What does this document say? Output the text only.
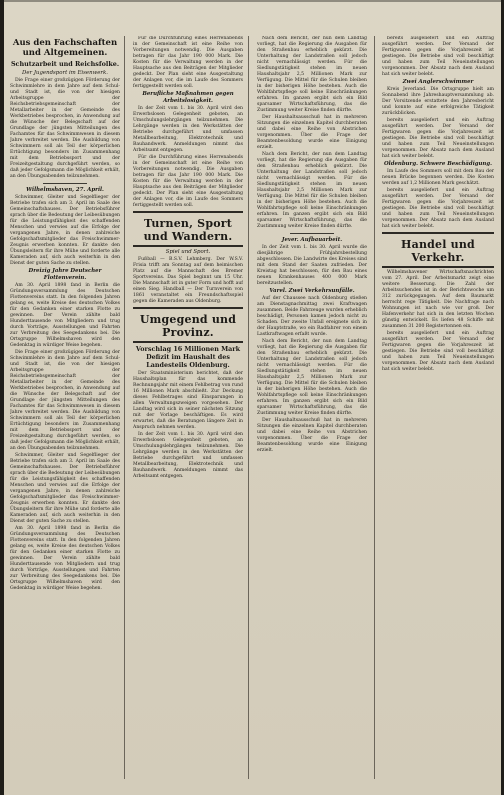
Aus den Fachschaften und Altgemeinen.
Schutzarbeit und Reichsfolke.
Der Jugendsport im Eisenwerk.

Die Frage einer großzügigen Förderung der Schwimmlehre in dem Jahre auf dem Schul- und Stadt ist, die von der hiesigen Arbeitsgruppe der Reichsbetriebsgemeinschaft der Metallarbeiter in der Gemeinde des Werkbetriebes besprochen, in Anwendung auf die Wünsche der Belegschaft auf der Grundlage der jüngsten Mitteilungen des Fachamtes für das Schwimmwesen in diesem Jahre verbreitet werden. Die Ausbildung von Schwimmern soll als Teil der körperlichen Ertüchtigung besonders im Zusammenhang mit dem Betriebssport und der Freizeitgestaltung durchgeführt werden, so daß jeder Gefolgsmann die Möglichkeit erhält, an den Übungsabenden teilzunehmen.

Wilhelmshaven, 27. April.

Schwimmer, Gleiter und Segelflieger der Betriebe trafen sich am 3. April im Saale des Gemeinschaftshauses. Der Betriebsführer sprach über die Bedeutung der Leibesübungen für die Leistungsfähigkeit des schaffenden Menschen und verwies auf die Erfolge der vergangenen Jahre, in denen zahlreiche Gefolgschaftsmitglieder das Freischwimmer-Zeugnis erwerben konnten. Er dankte den Übungsleitern für ihre Mühe und forderte alle Kameraden auf, sich auch weiterhin in den Dienst der guten Sache zu stellen.

Dreizig Jahre Deutscher Flottenverein.

Am 30. April 1898 fand in Berlin die Gründungsversammlung des Deutschen Flottenvereins statt. In den folgenden Jahren gelang es, weite Kreise des deutschen Volkes für den Gedanken einer starken Flotte zu gewinnen. Der Verein zählte bald Hunderttausende von Mitgliedern und trug durch Vorträge, Ausstellungen und Fahrten zur Verbreitung des Seegedankens bei. Die Ortsgruppe Wilhelmshaven wird den Gedenktag in würdiger Weise begehen.

Die Frage einer großzügigen Förderung der Schwimmlehre in dem Jahre auf dem Schul- und Stadt ist, die von der hiesigen Arbeitsgruppe der Reichsbetriebsgemeinschaft der Metallarbeiter in der Gemeinde des Werkbetriebes besprochen, in Anwendung auf die Wünsche der Belegschaft auf der Grundlage der jüngsten Mitteilungen des Fachamtes für das Schwimmwesen in diesem Jahre verbreitet werden. Die Ausbildung von Schwimmern soll als Teil der körperlichen Ertüchtigung besonders im Zusammenhang mit dem Betriebssport und der Freizeitgestaltung durchgeführt werden, so daß jeder Gefolgsmann die Möglichkeit erhält, an den Übungsabenden teilzunehmen.

Schwimmer, Gleiter und Segelflieger der Betriebe trafen sich am 3. April im Saale des Gemeinschaftshauses. Der Betriebsführer sprach über die Bedeutung der Leibesübungen für die Leistungsfähigkeit des schaffenden Menschen und verwies auf die Erfolge der vergangenen Jahre, in denen zahlreiche Gefolgschaftsmitglieder das Freischwimmer-Zeugnis erwerben konnten. Er dankte den Übungsleitern für ihre Mühe und forderte alle Kameraden auf, sich auch weiterhin in den Dienst der guten Sache zu stellen.

Am 30. April 1898 fand in Berlin die Gründungsversammlung des Deutschen Flottenvereins statt. In den folgenden Jahren gelang es, weite Kreise des deutschen Volkes für den Gedanken einer starken Flotte zu gewinnen. Der Verein zählte bald Hunderttausende von Mitgliedern und trug durch Vorträge, Ausstellungen und Fahrten zur Verbreitung des Seegedankens bei. Die Ortsgruppe Wilhelmshaven wird den Gedenktag in würdiger Weise begehen.

Für die Durchführung eines Herrenabends in der Gemeinschaft ist eine Reihe von Vorbereitungen notwendig. Die Ausgaben betragen für das Jahr 190 000 Mark. Die Kosten für die Verwaltung werden in der Hauptsache aus den Beiträgen der Mitglieder gedeckt. Der Plan sieht eine Ausgestaltung der Anlagen vor, die im Laufe des Sommers fertiggestellt werden soll.

Berufliche Maßnahmen gegen Arbeitslosigkeit.

In der Zeit vom 1. bis 30. April wird den Erwerbslosen Gelegenheit geboten, an Umschulungslehrgängen teilzunehmen. Die Lehrgänge werden in den Werkstätten der Betriebe durchgeführt und umfassen Metallbearbeitung, Elektrotechnik und Bauhandwerk. Anmeldungen nimmt das Arbeitsamt entgegen.

Für die Durchführung eines Herrenabends in der Gemeinschaft ist eine Reihe von Vorbereitungen notwendig. Die Ausgaben betragen für das Jahr 190 000 Mark. Die Kosten für die Verwaltung werden in der Hauptsache aus den Beiträgen der Mitglieder gedeckt. Der Plan sieht eine Ausgestaltung der Anlagen vor, die im Laufe des Sommers fertiggestellt werden soll.

Turnen, Sport und Wandern.
Spiel und Sport.

Fußball — B.S.V. Lehmberg. Der W.S.V. Frisia trifft am Sonntag auf dem heimischen Platz auf die Mannschaft des Bremer Sportvereins. Das Spiel beginnt um 15 Uhr. Die Mannschaft ist in guter Form und hofft auf einen Sieg. Handball — Der Turnverein von 1861 veranstaltet ein Freundschaftsspiel gegen die Kameraden aus Oldenburg.

Umgegend und Provinz.
Vorschlag 16 Millionen Mark Defizit im Haushalt des Landesteils Oldenburg.

Der Staatsministerium berichtet, daß der Haushaltsplan für das kommende Rechnungsjahr mit einem Fehlbetrag von rund 16 Millionen Mark abschließt. Zur Deckung dieses Fehlbetrages sind Einsparungen in allen Verwaltungszweigen vorgesehen. Der Landtag wird sich in seiner nächsten Sitzung mit der Vorlage beschäftigen. Es wird erwartet, daß die Beratungen längere Zeit in Anspruch nehmen werden.

In der Zeit vom 1. bis 30. April wird den Erwerbslosen Gelegenheit geboten, an Umschulungslehrgängen teilzunehmen. Die Lehrgänge werden in den Werkstätten der Betriebe durchgeführt und umfassen Metallbearbeitung, Elektrotechnik und Bauhandwerk. Anmeldungen nimmt das Arbeitsamt entgegen.

Nach dem Bericht, der nun dem Landtag vorliegt, hat die Regierung die Ausgaben für den Straßenbau erheblich gekürzt. Die Unterhaltung der Landstraßen soll jedoch nicht vernachlässigt werden. Für die Siedlungstätigkeit stehen im neuen Haushaltsjahr 2,5 Millionen Mark zur Verfügung. Die Mittel für die Schulen bleiben in der bisherigen Höhe bestehen. Auch die Wohlfahrtspflege soll keine Einschränkungen erfahren. Im ganzen ergibt sich ein Bild sparsamer Wirtschaftsführung, das die Zustimmung weiter Kreise finden dürfte.

Der Haushaltsausschuß hat in mehreren Sitzungen die einzelnen Kapitel durchberaten und dabei eine Reihe von Abstrichen vorgenommen. Über die Frage der Beamtenbesoldung wurde eine Einigung erzielt.

Nach dem Bericht, der nun dem Landtag vorliegt, hat die Regierung die Ausgaben für den Straßenbau erheblich gekürzt. Die Unterhaltung der Landstraßen soll jedoch nicht vernachlässigt werden. Für die Siedlungstätigkeit stehen im neuen Haushaltsjahr 2,5 Millionen Mark zur Verfügung. Die Mittel für die Schulen bleiben in der bisherigen Höhe bestehen. Auch die Wohlfahrtspflege soll keine Einschränkungen erfahren. Im ganzen ergibt sich ein Bild sparsamer Wirtschaftsführung, das die Zustimmung weiter Kreise finden dürfte.

Jever. Aufbauarbeit.

In der Zeit vom 1. bis 30. April wurde die diesjährige Frühjahrsbestellung abgeschlossen. Die Landwirte des Kreises sind mit dem Stand der Saaten zufrieden. Der Kreistag hat beschlossen, für den Bau eines neuen Krankenhauses 400 000 Mark bereitzustellen.

Varel. Zwei Verkehrsunfälle.

Auf der Chaussee nach Oldenburg stießen am Dienstagnachmittag zwei Kraftwagen zusammen. Beide Fahrzeuge wurden erheblich beschädigt, Personen kamen jedoch nicht zu Schaden. Der zweite Unfall ereignete sich in der Hauptstraße, wo ein Radfahrer von einem Lastkraftwagen erfaßt wurde.

Nach dem Bericht, der nun dem Landtag vorliegt, hat die Regierung die Ausgaben für den Straßenbau erheblich gekürzt. Die Unterhaltung der Landstraßen soll jedoch nicht vernachlässigt werden. Für die Siedlungstätigkeit stehen im neuen Haushaltsjahr 2,5 Millionen Mark zur Verfügung. Die Mittel für die Schulen bleiben in der bisherigen Höhe bestehen. Auch die Wohlfahrtspflege soll keine Einschränkungen erfahren. Im ganzen ergibt sich ein Bild sparsamer Wirtschaftsführung, das die Zustimmung weiter Kreise finden dürfte.

Der Haushaltsausschuß hat in mehreren Sitzungen die einzelnen Kapitel durchberaten und dabei eine Reihe von Abstrichen vorgenommen. Über die Frage der Beamtenbesoldung wurde eine Einigung erzielt.

bereits ausgeliefert und ein Auftrag ausgeführt werden. Der Versand der Fertigwaren gegen die Vorjahreszeit ist gestiegen. Die Betriebe sind voll beschäftigt und haben zum Teil Neueinstellungen vorgenommen. Der Absatz nach dem Ausland hat sich weiter belebt.

Zwei Anglerschwimmer

Kreis Jeverland. Die Ortsgruppe hielt am Sonnabend ihre Jahreshauptversammlung ab. Der Vorsitzende erstattete den Jahresbericht und konnte auf eine erfolgreiche Tätigkeit zurückblicken.

bereits ausgeliefert und ein Auftrag ausgeführt werden. Der Versand der Fertigwaren gegen die Vorjahreszeit ist gestiegen. Die Betriebe sind voll beschäftigt und haben zum Teil Neueinstellungen vorgenommen. Der Absatz nach dem Ausland hat sich weiter belebt.

Oldenburg. Schwere Beschädigung.

Im Laufe des Sommers soll mit dem Bau der neuen Brücke begonnen werden. Die Kosten werden auf 1,2 Millionen Mark geschätzt.

bereits ausgeliefert und ein Auftrag ausgeführt werden. Der Versand der Fertigwaren gegen die Vorjahreszeit ist gestiegen. Die Betriebe sind voll beschäftigt und haben zum Teil Neueinstellungen vorgenommen. Der Absatz nach dem Ausland hat sich weiter belebt.

Handel und Verkehr.

Wilhelmshavener Wirtschaftsnachrichten vom 27. April. Der Arbeitsmarkt zeigt eine weitere Besserung. Die Zahl der Arbeitsuchenden ist in der Berichtswoche um 312 zurückgegangen. Auf dem Baumarkt herrscht rege Tätigkeit. Die Nachfrage nach Wohnungen ist nach wie vor groß. Der Hafenverkehr hat sich in den letzten Wochen günstig entwickelt. Es liefen 48 Schiffe mit zusammen 31 200 Registertonnen ein.

bereits ausgeliefert und ein Auftrag ausgeführt werden. Der Versand der Fertigwaren gegen die Vorjahreszeit ist gestiegen. Die Betriebe sind voll beschäftigt und haben zum Teil Neueinstellungen vorgenommen. Der Absatz nach dem Ausland hat sich weiter belebt.
